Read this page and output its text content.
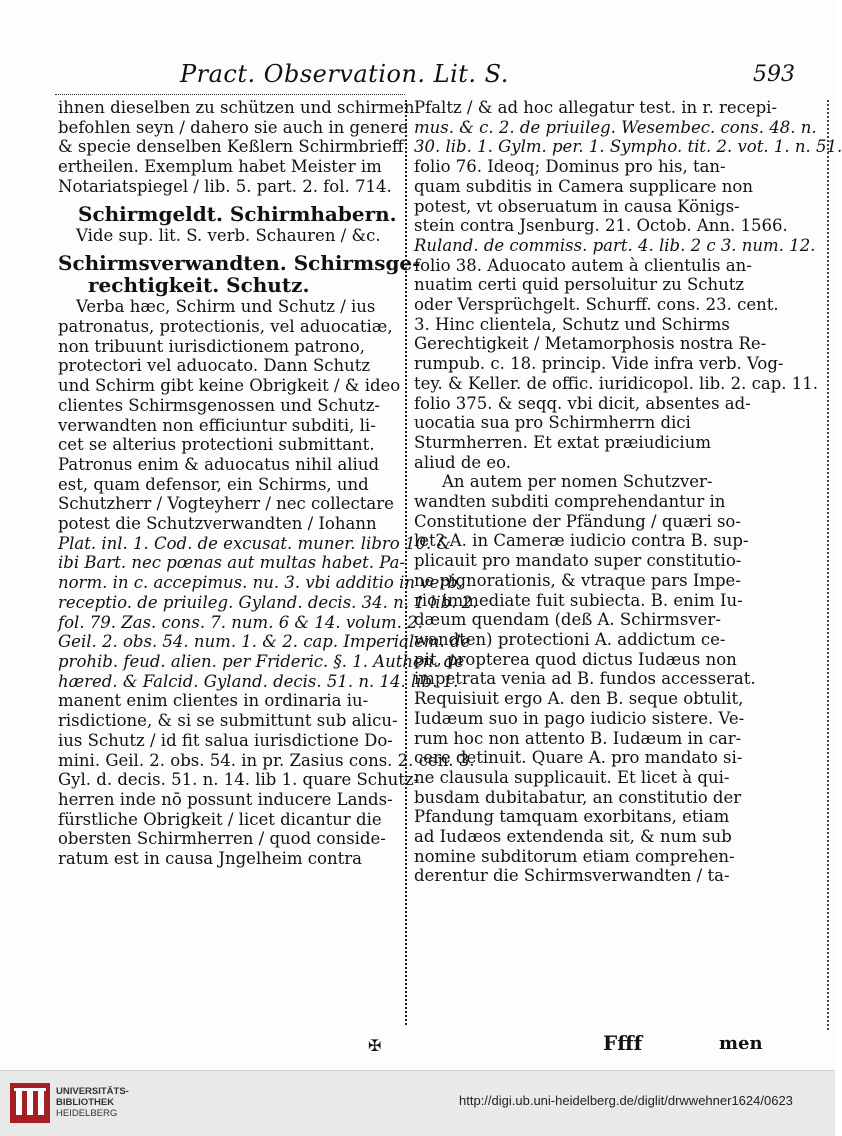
Pract. Observation. Lit. S.	593
ihnen dieselben zu schützen und schirmen
befohlen seyn / dahero sie auch in genere
& specie denselben Keßlern Schirmbrieff
ertheilen. Exemplum habet Meister im
Notariatspiegel / lib. 5. part. 2. fol. 714.
Schirmgeldt. Schirmhabern.
Vide sup. lit. S. verb. Schauren / &c.
Schirmsverwandten. Schirmsge-
rechtigkeit. Schutz.
Verba hæc, Schirm und Schutz / ius
patronatus, protectionis, vel aduocatiæ,
non tribuunt iurisdictionem patrono,
protectori vel aduocato. Dann Schutz
und Schirm gibt keine Obrigkeit / & ideo
clientes Schirmsgenossen und Schutz-
verwandten non efficiuntur subditi, li-
cet se alterius protectioni submittant.
Patronus enim & aduocatus nihil aliud
est, quam defensor, ein Schirms, und
Schutzherr / Vogteyherr / nec collectare
potest die Schutzverwandten / Iohann
Plat. inl. 1. Cod. de excusat. muner. libro 10. &
ibi Bart. nec pœnas aut multas habet. Pa-
norm. in c. accepimus. nu. 3. vbi additio in verb.
receptio. de priuileg. Gyland. decis. 34. n. 1 lib. 2.
fol. 79. Zas. cons. 7. num. 6 & 14. volum. 2.
Geil. 2. obs. 54. num. 1. & 2. cap. Imperialem. de
prohib. feud. alien. per Frideric. §. 1. Authen. de
hæred. & Falcid. Gyland. decis. 51. n. 14. lib. 1.
manent enim clientes in ordinaria iu-
risdictione, & si se submittunt sub alicu-
ius Schutz / id fit salua iurisdictione Do-
mini. Geil. 2. obs. 54. in pr. Zasius cons. 2. cen. 3.
Gyl. d. decis. 51. n. 14. lib 1. quare Schutz-
herren inde nō possunt inducere Lands-
fürstliche Obrigkeit / licet dicantur die
obersten Schirmherren / quod conside-
ratum est in causa Jngelheim contra
Pfaltz / & ad hoc allegatur test. in r. recepi-
mus. & c. 2. de priuileg. Wesembec. cons. 48. n.
30. lib. 1. Gylm. per. 1. Sympho. tit. 2. vot. 1. n. 51.
folio 76. Ideoq; Dominus pro his, tan-
quam subditis in Camera supplicare non
potest, vt obseruatum in causa Königs-
stein contra Jsenburg. 21. Octob. Ann. 1566.
Ruland. de commiss. part. 4. lib. 2 c 3. num. 12.
folio 38. Aduocato autem à clientulis an-
nuatim certi quid persoluitur zu Schutz
oder Versprüchgelt. Schurff. cons. 23. cent.
3. Hinc clientela, Schutz und Schirms
Gerechtigkeit / Metamorphosis nostra Re-
rumpub. c. 18. princip. Vide infra verb. Vog-
tey. & Keller. de offic. iuridicopol. lib. 2. cap. 11.
folio 375. & seqq. vbi dicit, absentes ad-
uocatia sua pro Schirmherrn dici
Sturmherren. Et extat præiudicium
aliud de eo.
An autem per nomen Schutzver-
wandten subditi comprehendantur in
Constitutione der Pfändung / quæri so-
let? A. in Cameræ iudicio contra B. sup-
plicauit pro mandato super constitutio-
ne pignorationis, & vtraque pars Impe-
rio immediate fuit subiecta. B. enim Iu-
dæum quendam (deß A. Schirmsver-
wandten) protectioni A. addictum ce-
pit, propterea quod dictus Iudæus non
impetrata venia ad B. fundos accesserat.
Requisiuit ergo A. den B. seque obtulit,
Iudæum suo in pago iudicio sistere. Ve-
rum hoc non attento B. Iudæum in car-
cere detinuit. Quare A. pro mandato si-
ne clausula supplicauit. Et licet à qui-
busdam dubitabatur, an constitutio der
Pfandung tamquam exorbitans, etiam
ad Iudæos extendenda sit, & num sub
nomine subditorum etiam comprehen-
derentur die Schirmsverwandten / ta-
✠	Ffff	men
UNIVERSITÄTS-
BIBLIOTHEK
HEIDELBERG
http://digi.ub.uni-heidelberg.de/diglit/drwwehner1624/0623
